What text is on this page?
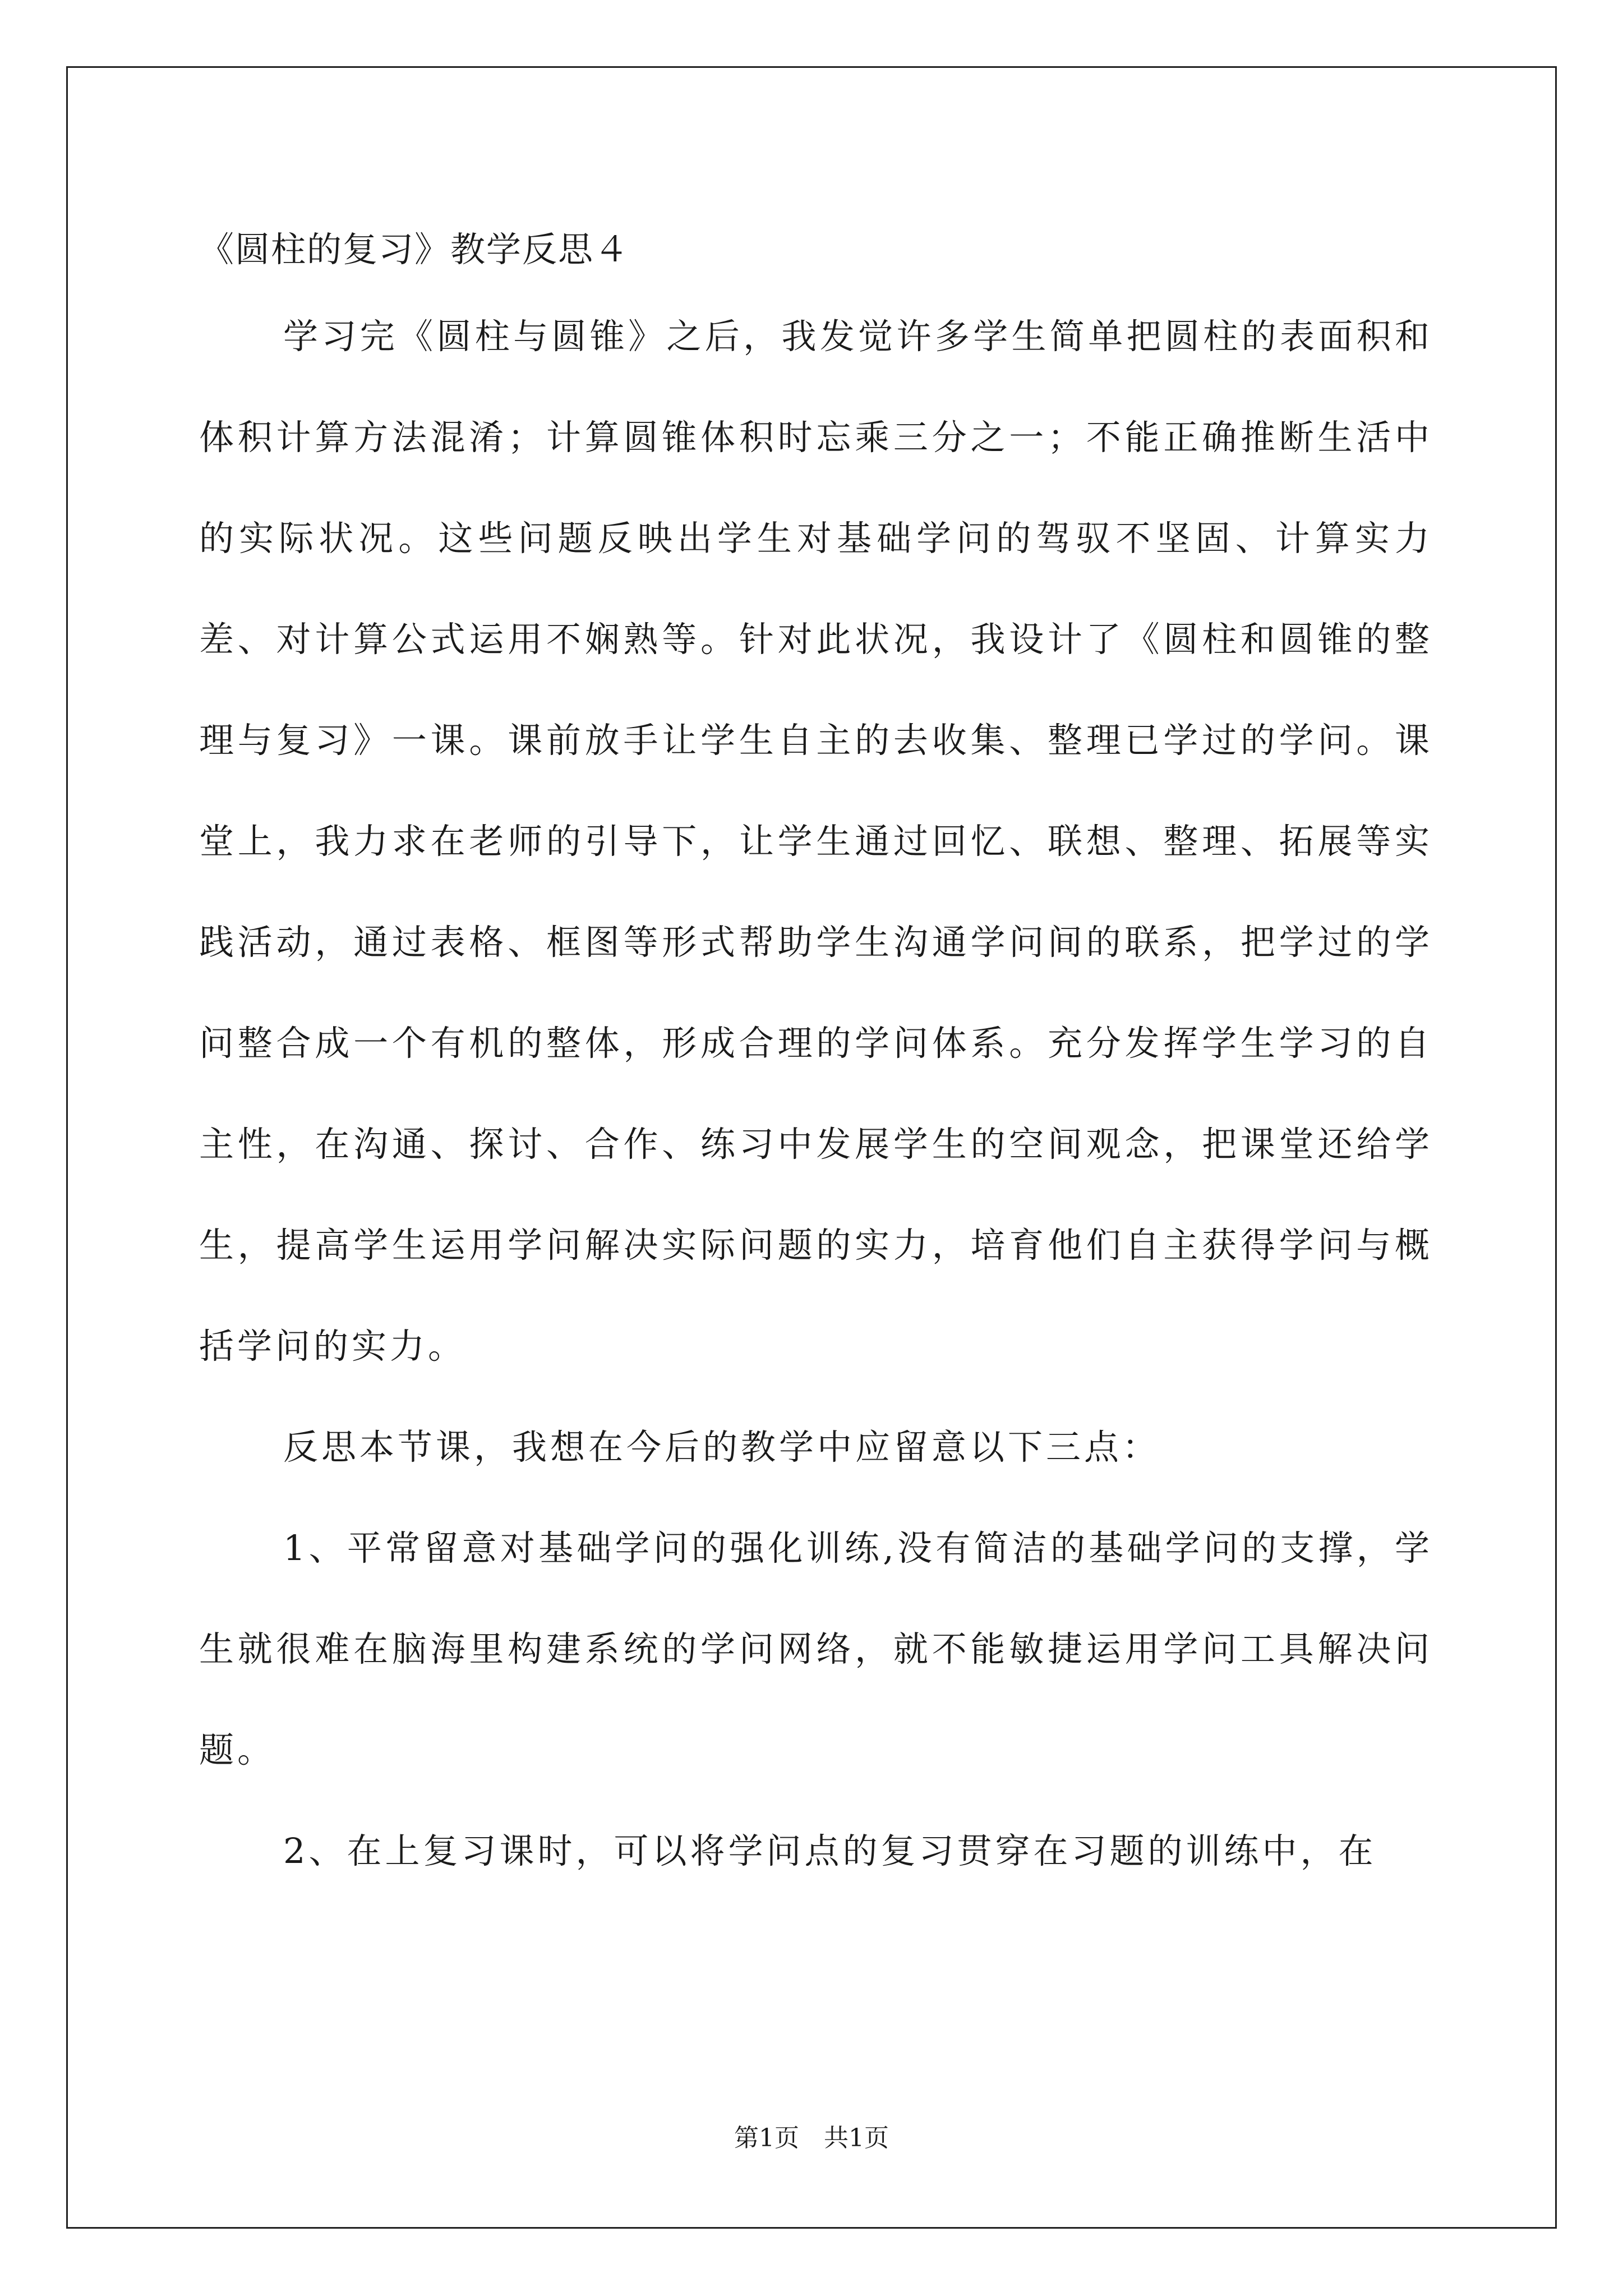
《圆柱的复习》教学反思４

学习完《圆柱与圆锥》之后，我发觉许多学生简单把圆柱的表面积和体积计算方法混淆；计算圆锥体积时忘乘三分之一；不能正确推断生活中的实际状况。这些问题反映出学生对基础学问的驾驭不坚固、计算实力差、对计算公式运用不娴熟等。针对此状况，我设计了《圆柱和圆锥的整理与复习》一课。课前放手让学生自主的去收集、整理已学过的学问。课堂上，我力求在老师的引导下，让学生通过回忆、联想、整理、拓展等实践活动，通过表格、框图等形式帮助学生沟通学问间的联系，把学过的学问整合成一个有机的整体，形成合理的学问体系。充分发挥学生学习的自主性，在沟通、探讨、合作、练习中发展学生的空间观念，把课堂还给学生，提高学生运用学问解决实际问题的实力，培育他们自主获得学问与概括学问的实力。

反思本节课，我想在今后的教学中应留意以下三点：

1、平常留意对基础学问的强化训练,没有简洁的基础学问的支撑，学生就很难在脑海里构建系统的学问网络，就不能敏捷运用学问工具解决问题。

2、在上复习课时，可以将学问点的复习贯穿在习题的训练中，在

第1页　共1页
